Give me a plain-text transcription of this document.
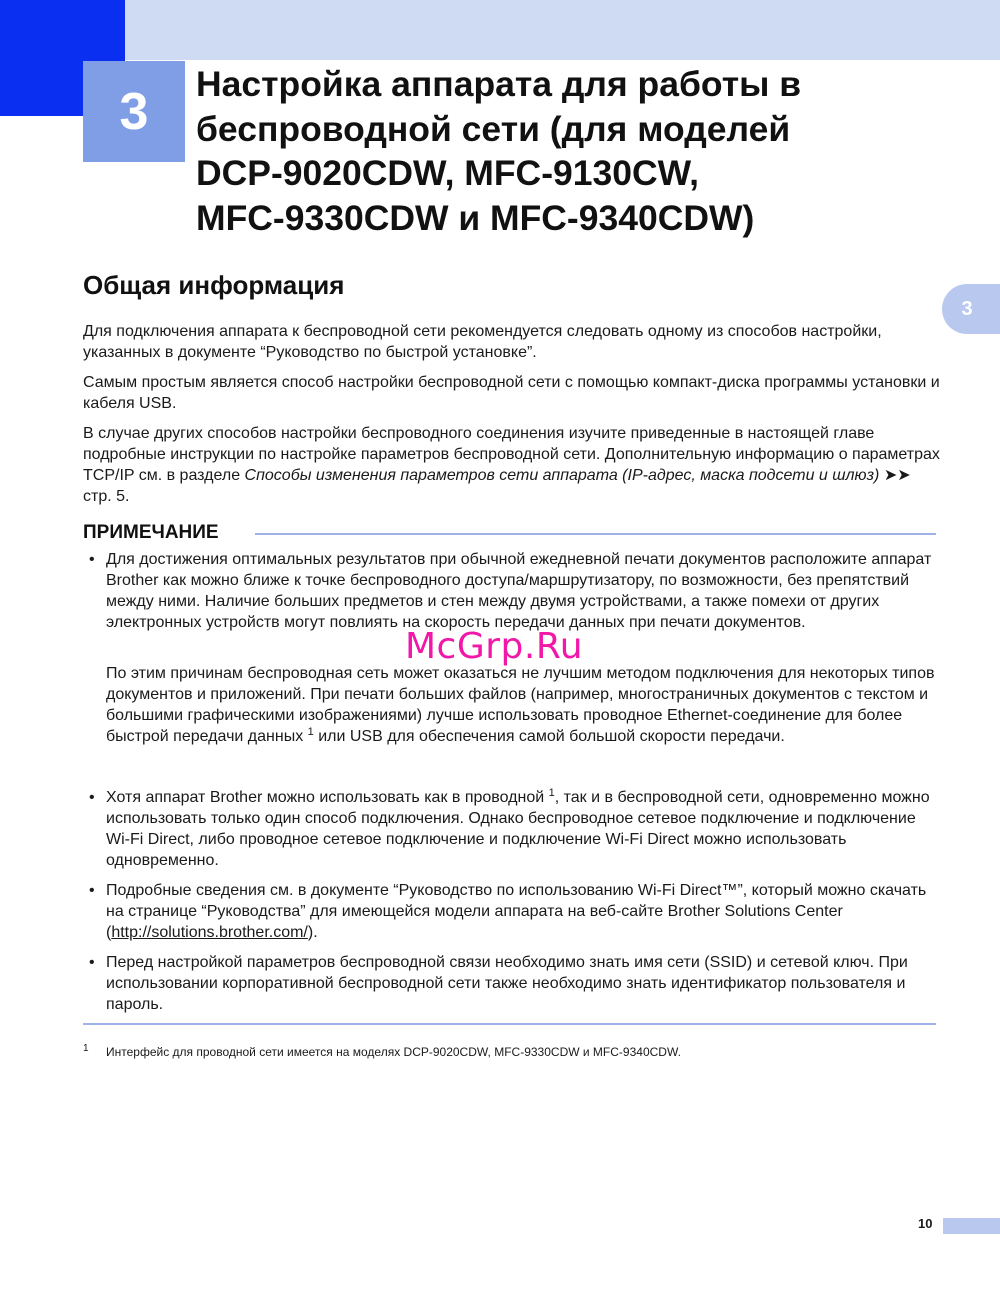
3 Настройка аппарата для работы в
беспроводной сети (для моделей
DCP-9020CDW, MFC-9130CW,
MFC-9330CDW и MFC-9340CDW)
3
Общая информация

Для подключения аппарата к беспроводной сети рекомендуется следовать одному из способов настройки, указанных в документе “Руководство по быстрой установке”.

Самым простым является способ настройки беспроводной сети с помощью компакт-диска программы установки и кабеля USB.

В случае других способов настройки беспроводного соединения изучите приведенные в настоящей главе подробные инструкции по настройке параметров беспроводной сети. Дополнительную информацию о параметрах TCP/IP см. в разделе Способы изменения параметров сети аппарата (IP-адрес, маска подсети и шлюз) ➤➤ стр. 5.

ПРИМЕЧАНИЕ
• Для достижения оптимальных результатов при обычной ежедневной печати документов расположите аппарат Brother как можно ближе к точке беспроводного доступа/маршрутизатору, по возможности, без препятствий между ними. Наличие больших предметов и стен между двумя устройствами, а также помехи от других электронных устройств могут повлиять на скорость передачи данных при печати документов.

По этим причинам беспроводная сеть может оказаться не лучшим методом подключения для некоторых типов документов и приложений. При печати больших файлов (например, многостраничных документов с текстом и большими графическими изображениями) лучше использовать проводное Ethernet-соединение для более быстрой передачи данных $^1$ или USB для обеспечения самой большой скорости передачи.

• Хотя аппарат Brother можно использовать как в проводной $^1$, так и в беспроводной сети, одновременно можно использовать только один способ подключения. Однако беспроводное сетевое подключение и подключение Wi-Fi Direct, либо проводное сетевое подключение и подключение Wi-Fi Direct можно использовать одновременно.

• Подробные сведения см. в документе “Руководство по использованию Wi-Fi Direct™”, который можно скачать на странице “Руководства” для имеющейся модели аппарата на веб-сайте Brother Solutions Center (http://solutions.brother.com/).

• Перед настройкой параметров беспроводной связи необходимо знать имя сети (SSID) и сетевой ключ. При использовании корпоративной беспроводной сети также необходимо знать идентификатор пользователя и пароль.

1 Интерфейс для проводной сети имеется на моделях DCP-9020CDW, MFC-9330CDW и MFC-9340CDW.
McGrp.Ru
10
